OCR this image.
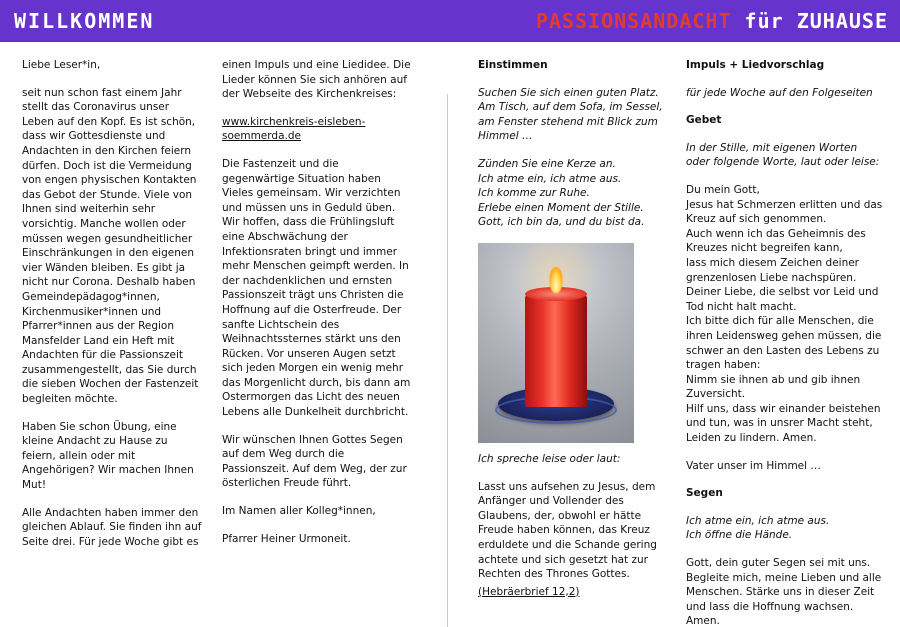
WILLKOMMEN	PASSIONSANDACHT für ZUHAUSE

Liebe Leser*in,

seit nun schon fast einem Jahr stellt das Coronavirus unser Leben auf den Kopf. Es ist schön, dass wir Gottesdienste und Andachten in den Kirchen feiern dürfen. Doch ist die Vermeidung von engen physischen Kontakten das Gebot der Stunde. Viele von Ihnen sind weiterhin sehr vorsichtig. Manche wollen oder müssen wegen gesundheitlicher Einschränkungen in den eigenen vier Wänden bleiben. Es gibt ja nicht nur Corona. Deshalb haben Gemeindepädagog*innen, Kirchenmusiker*innen und Pfarrer*innen aus der Region Mansfelder Land ein Heft mit Andachten für die Passionszeit zusammengestellt, das Sie durch die sieben Wochen der Fastenzeit begleiten möchte.

Haben Sie schon Übung, eine kleine Andacht zu Hause zu feiern, allein oder mit Angehörigen? Wir machen Ihnen Mut!

Alle Andachten haben immer den gleichen Ablauf. Sie finden ihn auf Seite drei. Für jede Woche gibt es

einen Impuls und eine Liedidee. Die Lieder können Sie sich anhören auf der Webseite des Kirchenkreises:

www.kirchenkreis-eisleben-soemmerda.de

Die Fastenzeit und die gegenwärtige Situation haben Vieles gemeinsam. Wir verzichten und müssen uns in Geduld üben. Wir hoffen, dass die Frühlingsluft eine Abschwächung der Infektionsraten bringt und immer mehr Menschen geimpft werden. In der nachdenklichen und ernsten Passionszeit trägt uns Christen die Hoffnung auf die Osterfreude. Der sanfte Lichtschein des Weihnachtssternes stärkt uns den Rücken. Vor unseren Augen setzt sich jeden Morgen ein wenig mehr das Morgenlicht durch, bis dann am Ostermorgen das Licht des neuen Lebens alle Dunkelheit durchbricht.

Wir wünschen Ihnen Gottes Segen auf dem Weg durch die Passionszeit. Auf dem Weg, der zur österlichen Freude führt.

Im Namen aller Kolleg*innen,

Pfarrer Heiner Urmoneit.

Einstimmen

Suchen Sie sich einen guten Platz. Am Tisch, auf dem Sofa, im Sessel, am Fenster stehend mit Blick zum Himmel …

Zünden Sie eine Kerze an.
Ich atme ein, ich atme aus.
Ich komme zur Ruhe.
Erlebe einen Moment der Stille.
Gott, ich bin da, und du bist da.

Ich spreche leise oder laut:

Lasst uns aufsehen zu Jesus, dem Anfänger und Vollender des Glaubens, der, obwohl er hätte Freude haben können, das Kreuz erduldete und die Schande gering achtete und sich gesetzt hat zur Rechten des Thrones Gottes.

(Hebräerbrief 12,2)

Impuls + Liedvorschlag

für jede Woche auf den Folgeseiten

Gebet

In der Stille, mit eigenen Worten oder folgende Worte, laut oder leise:

Du mein Gott,
Jesus hat Schmerzen erlitten und das Kreuz auf sich genommen.
Auch wenn ich das Geheimnis des Kreuzes nicht begreifen kann,
lass mich diesem Zeichen deiner grenzenlosen Liebe nachspüren.
Deiner Liebe, die selbst vor Leid und Tod nicht halt macht.
Ich bitte dich für alle Menschen, die ihren Leidensweg gehen müssen, die schwer an den Lasten des Lebens zu tragen haben:
Nimm sie ihnen ab und gib ihnen Zuversicht.
Hilf uns, dass wir einander beistehen und tun, was in unsrer Macht steht, Leiden zu lindern. Amen.

Vater unser im Himmel …

Segen

Ich atme ein, ich atme aus.
Ich öffne die Hände.

Gott, dein guter Segen sei mit uns. Begleite mich, meine Lieben und alle Menschen. Stärke uns in dieser Zeit und lass die Hoffnung wachsen. Amen.
